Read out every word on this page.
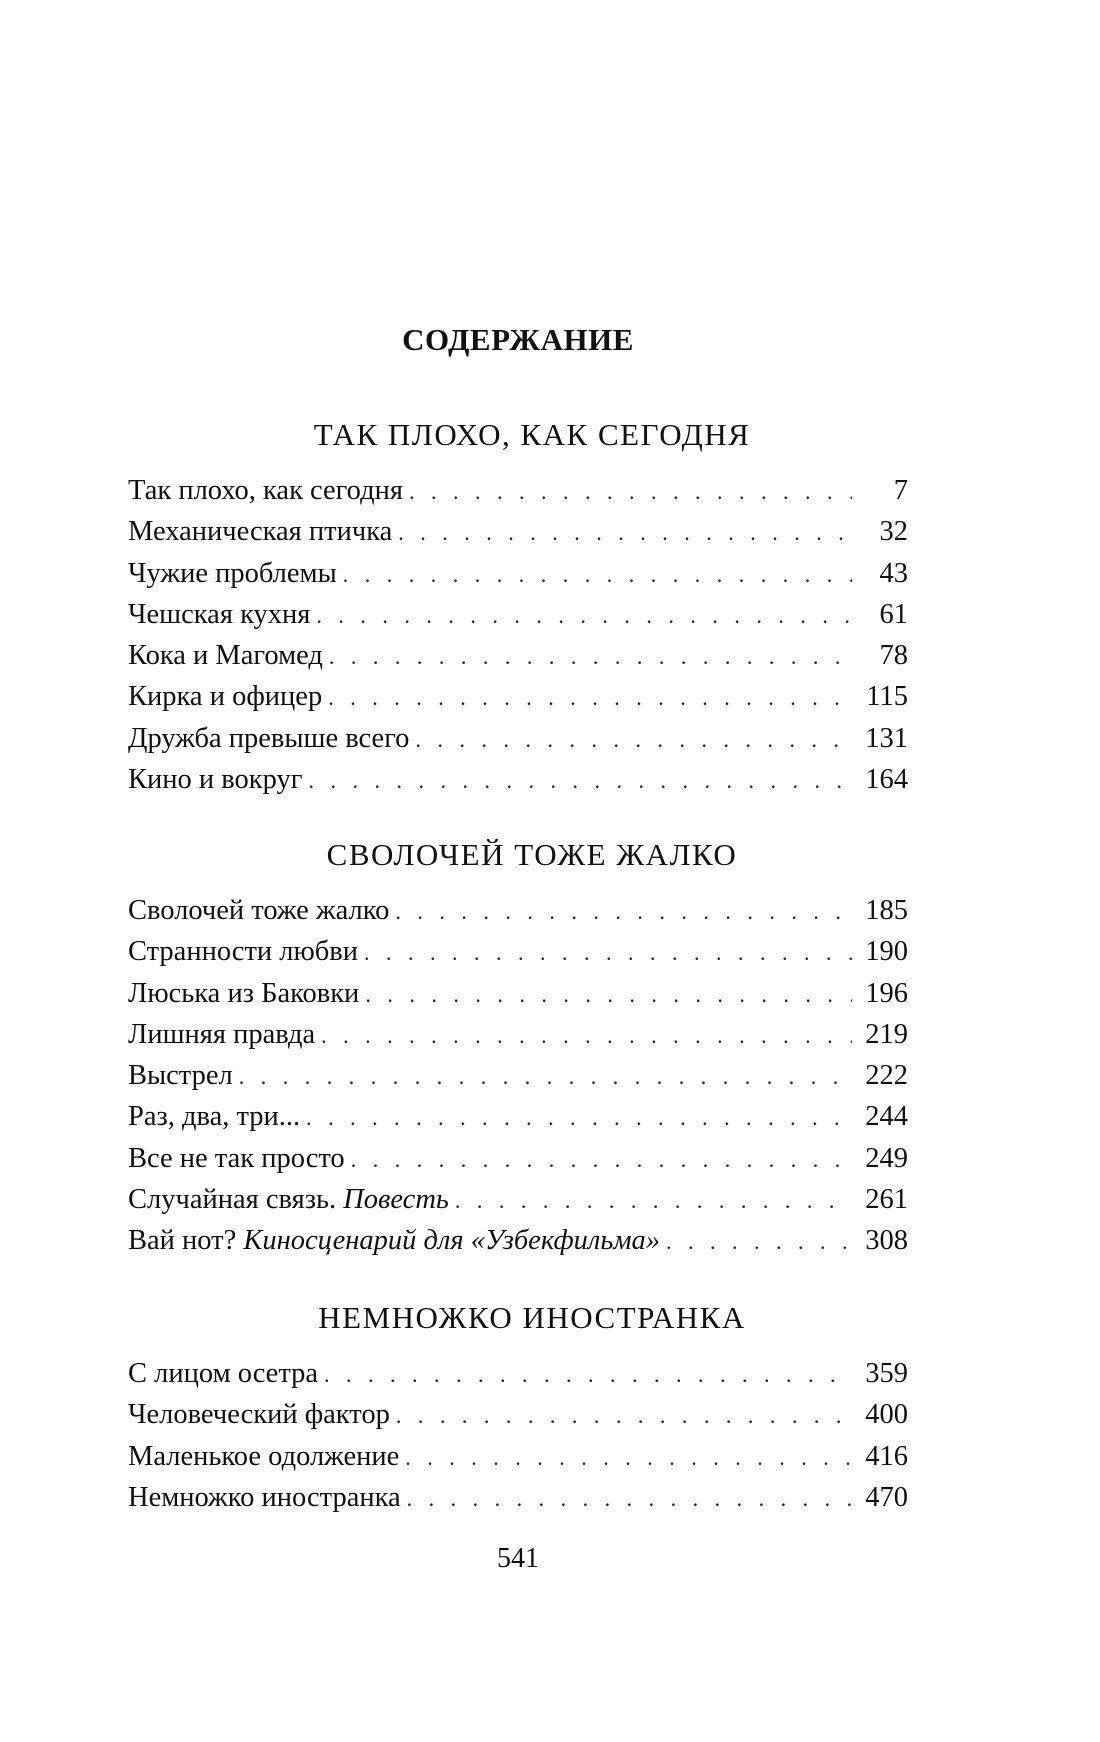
СОДЕРЖАНИЕ
ТАК ПЛОХО, КАК СЕГОДНЯ
Так плохо, как сегодня . . .	7
Механическая птичка . . .	32
Чужие проблемы . . .	43
Чешская кухня . . .	61
Кока и Магомед . . .	78
Кирка и офицер . . .	115
Дружба превыше всего . . .	131
Кино и вокруг . . .	164
СВОЛОЧЕЙ ТОЖЕ ЖАЛКО
Сволочей тоже жалко . . .	185
Странности любви . . .	190
Люська из Баковки . . .	196
Лишняя правда . . .	219
Выстрел . . .	222
Раз, два, три... . . .	244
Все не так просто . . .	249
Случайная связь. Повесть . . .	261
Вай нот? Киносценарий для «Узбекфильма» . . .	308
НЕМНОЖКО ИНОСТРАНКА
С лицом осетра . . .	359
Человеческий фактор . . .	400
Маленькое одолжение . . .	416
Немножко иностранка . . .	470
541
